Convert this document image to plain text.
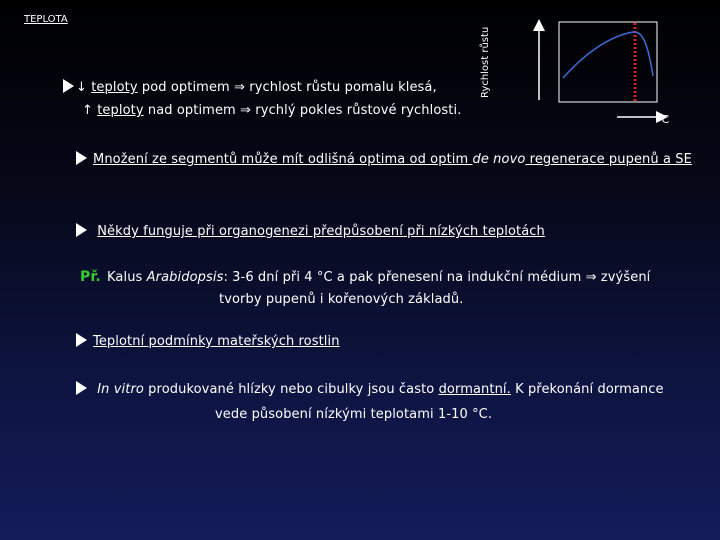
TEPLOTA
Rychlost růstu
°C
↓ teploty pod optimem ⇒ rychlost růstu pomalu klesá,
↑ teploty nad optimem ⇒ rychlý pokles růstové rychlosti.
Množení ze segmentů může mít odlišná optima od optim de novo regenerace pupenů a SE
Někdy funguje při organogenezi předpůsobení při nízkých teplotách
Př. Kalus Arabidopsis: 3-6 dní při 4 °C a pak přenesení na indukční médium ⇒ zvýšení
tvorby pupenů i kořenových základů.
Teplotní podmínky mateřských rostlin
In vitro produkované hlízky nebo cibulky jsou často dormantní. K překonání dormance
vede působení nízkými teplotami 1-10 °C.
